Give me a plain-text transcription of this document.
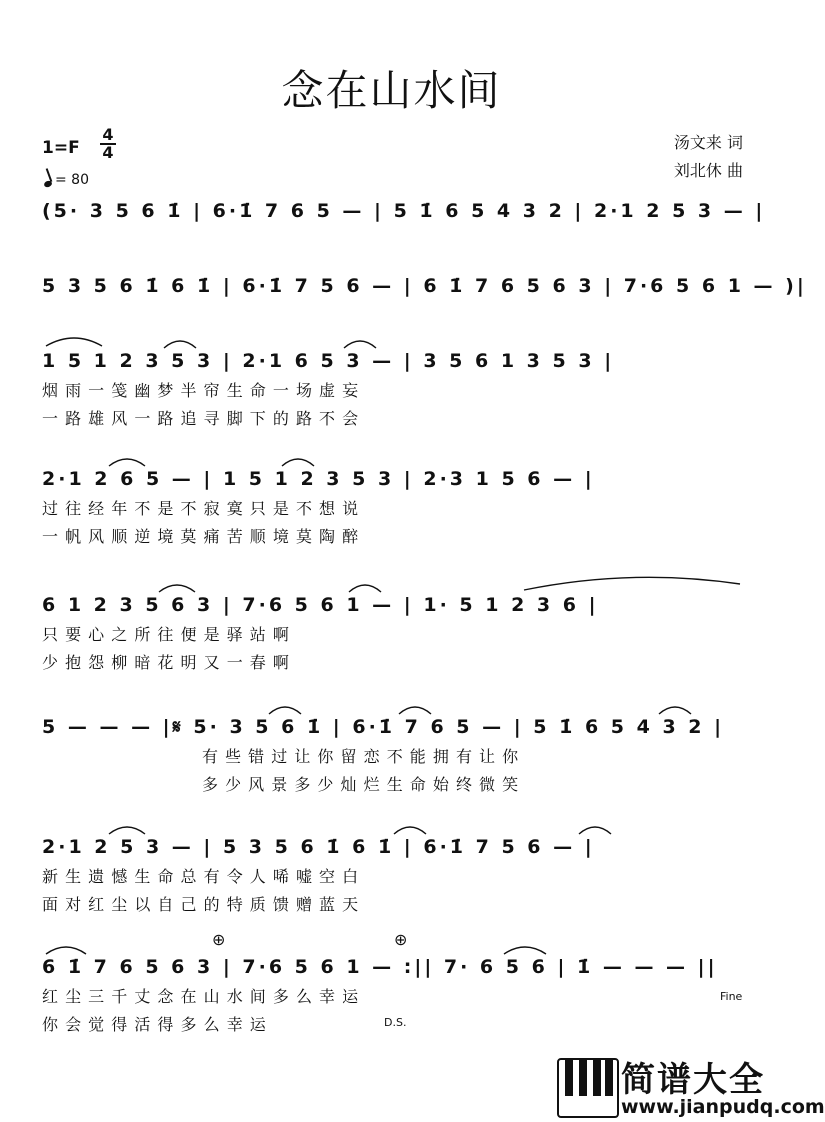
念在山水间
1=F
4
4
= 80
汤文来 词
刘北休 曲
(5· 3 5 6 1̇ | 6·1̇ 7 6 5 — | 5 1̇ 6 5 4 3 2 | 2·1 2 5 3 — |
5 3 5 6 1̇ 6 1̇ | 6·1̇ 7 5 6 — | 6 1̇ 7 6 5 6 3 | 7·6 5 6 1 — )|
1 5 1 2 3 5 3 | 2·1 6 5 3 — | 3 5 6 1 3 5 3 |
烟 雨 一 笺 幽 梦 半 帘 生 命 一 场 虚 妄
一 路 雄 风 一 路 追 寻 脚 下 的 路 不 会
2·1 2 6 5 — | 1 5 1 2 3 5 3 | 2·3 1 5 6 — |
过 往 经 年 不 是 不 寂 寞 只 是 不 想 说
一 帆 风 顺 逆 境 莫 痛 苦 顺 境 莫 陶 醉
6 1 2 3 5 6 3 | 7·6 5 6 1 — | 1· 5 1 2 3 6 |
只 要 心 之 所 往 便 是 驿 站 啊
少 抱 怨 柳 暗 花 明 又 一 春 啊
5 — — — |𝄋 5· 3 5 6 1̇ | 6·1̇ 7 6 5 — | 5 1̇ 6 5 4 3 2 |
有 些 错 过 让 你 留 恋 不 能 拥 有 让 你
多 少 风 景 多 少 灿 烂 生 命 始 终 微 笑
2·1 2 5 3 — | 5 3 5 6 1̇ 6 1̇ | 6·1̇ 7 5 6 — |
新 生 遗 憾 生 命 总 有 令 人 唏 嘘 空 白
面 对 红 尘 以 自 己 的 特 质 馈 赠 蓝 天
⊕	⊕
6 1̇ 7 6 5 6 3 | 7·6 5 6 1 — :|| 7· 6 5 6 | 1̇ — — — ||
红 尘 三 千 丈 念 在 山 水 间 多 么 幸 运
你 会 觉 得 活 得 多 么 幸 运
Fine
D.S.
简谱大全
www.jianpudq.com
